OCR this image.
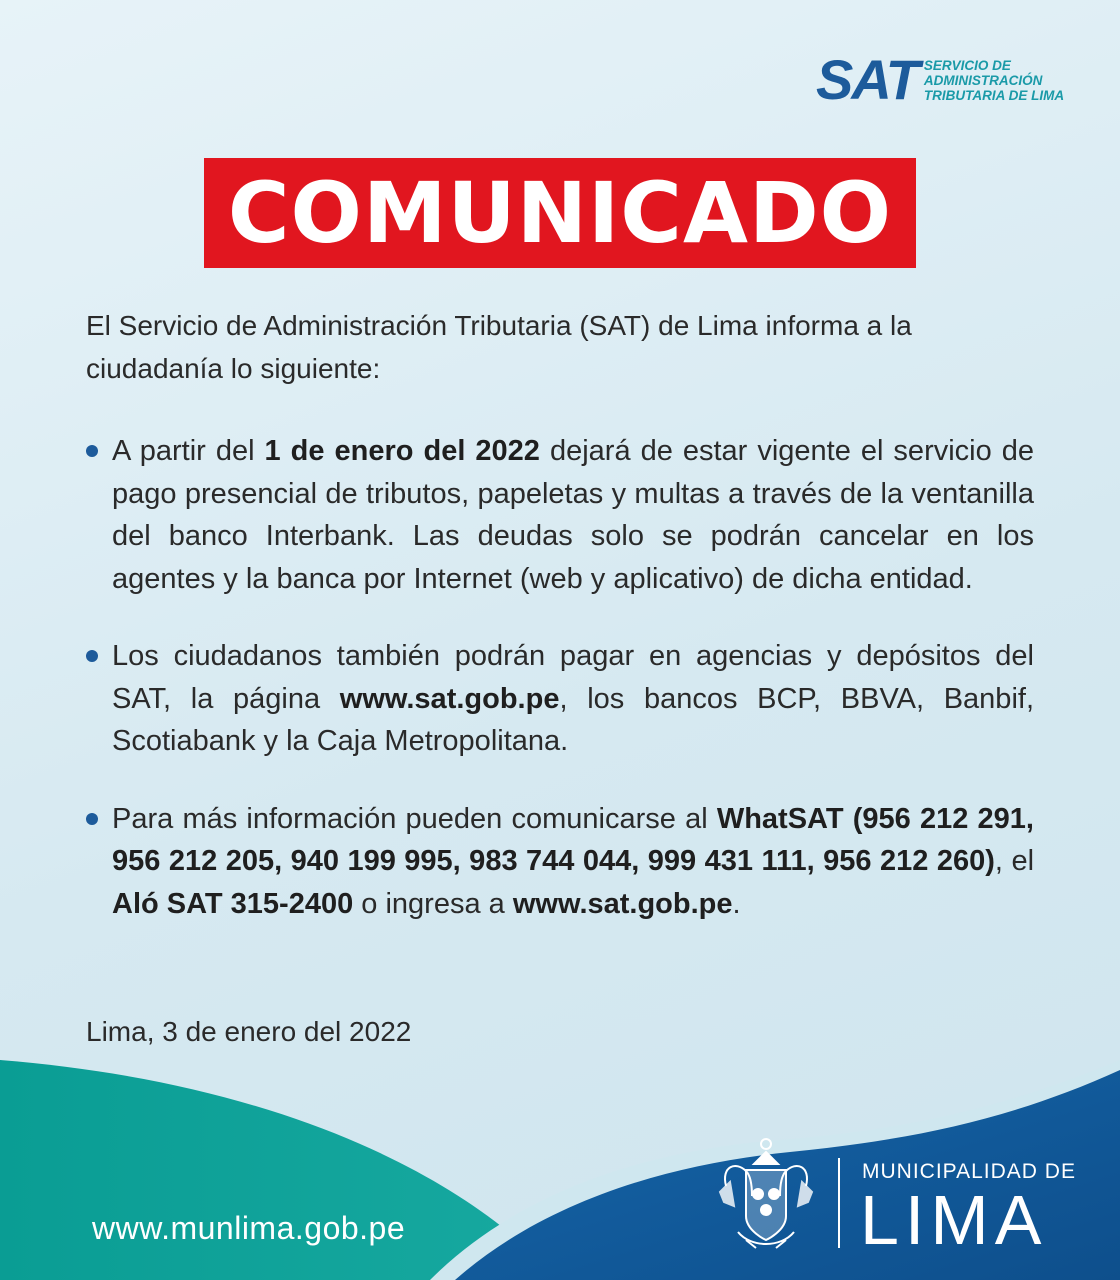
SAT SERVICIO DE
ADMINISTRACIÓN
TRIBUTARIA DE LIMA
COMUNICADO

El Servicio de Administración Tributaria (SAT) de Lima informa a la ciudadanía lo siguiente:

A partir del 1 de enero del 2022 dejará de estar vigente el servicio de pago presencial de tributos, papeletas y multas a través de la ventanilla del banco Interbank. Las deudas solo se podrán cancelar en los agentes y la banca por Internet (web y aplicativo) de dicha entidad.
Los ciudadanos también podrán pagar en agencias y depósitos del SAT, la página www.sat.gob.pe, los bancos BCP, BBVA, Banbif, Scotiabank y la Caja Metropolitana.
Para más información pueden comunicarse al WhatSAT (956 212 291, 956 212 205, 940 199 995, 983 744 044, 999 431 111, 956 212 260), el Aló SAT 315-2400 o ingresa a www.sat.gob.pe.
Lima, 3 de enero del 2022
www.munlima.gob.pe
MUNICIPALIDAD DE
LIMA
